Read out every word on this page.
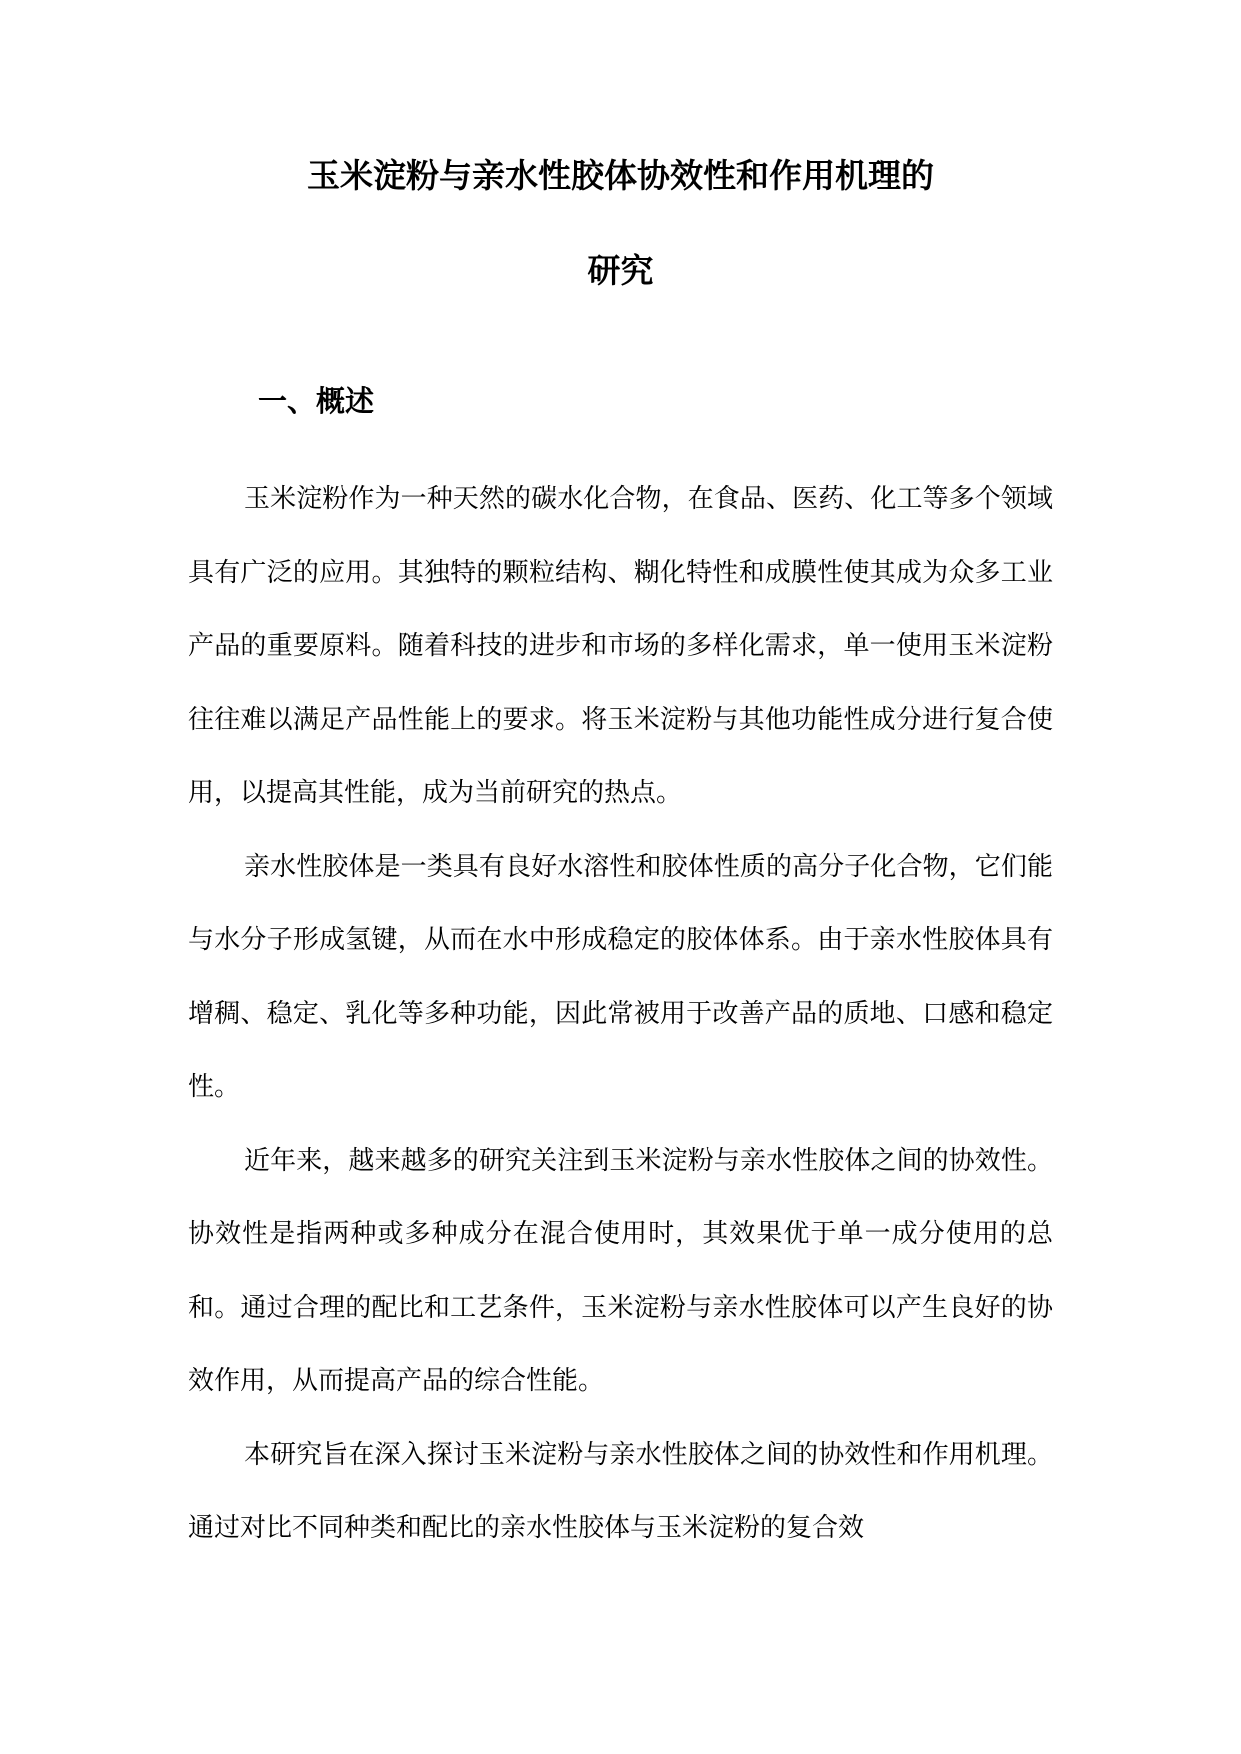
玉米淀粉与亲水性胶体协效性和作用机理的
研究
一、概述

玉米淀粉作为一种天然的碳水化合物，在食品、医药、化工等多个领域具有广泛的应用。其独特的颗粒结构、糊化特性和成膜性使其成为众多工业产品的重要原料。随着科技的进步和市场的多样化需求，单一使用玉米淀粉往往难以满足产品性能上的要求。将玉米淀粉与其他功能性成分进行复合使用，以提高其性能，成为当前研究的热点。

亲水性胶体是一类具有良好水溶性和胶体性质的高分子化合物，它们能与水分子形成氢键，从而在水中形成稳定的胶体体系。由于亲水性胶体具有增稠、稳定、乳化等多种功能，因此常被用于改善产品的质地、口感和稳定性。

近年来，越来越多的研究关注到玉米淀粉与亲水性胶体之间的协效性。协效性是指两种或多种成分在混合使用时，其效果优于单一成分使用的总和。通过合理的配比和工艺条件，玉米淀粉与亲水性胶体可以产生良好的协效作用，从而提高产品的综合性能。

本研究旨在深入探讨玉米淀粉与亲水性胶体之间的协效性和作用机理。通过对比不同种类和配比的亲水性胶体与玉米淀粉的复合效
